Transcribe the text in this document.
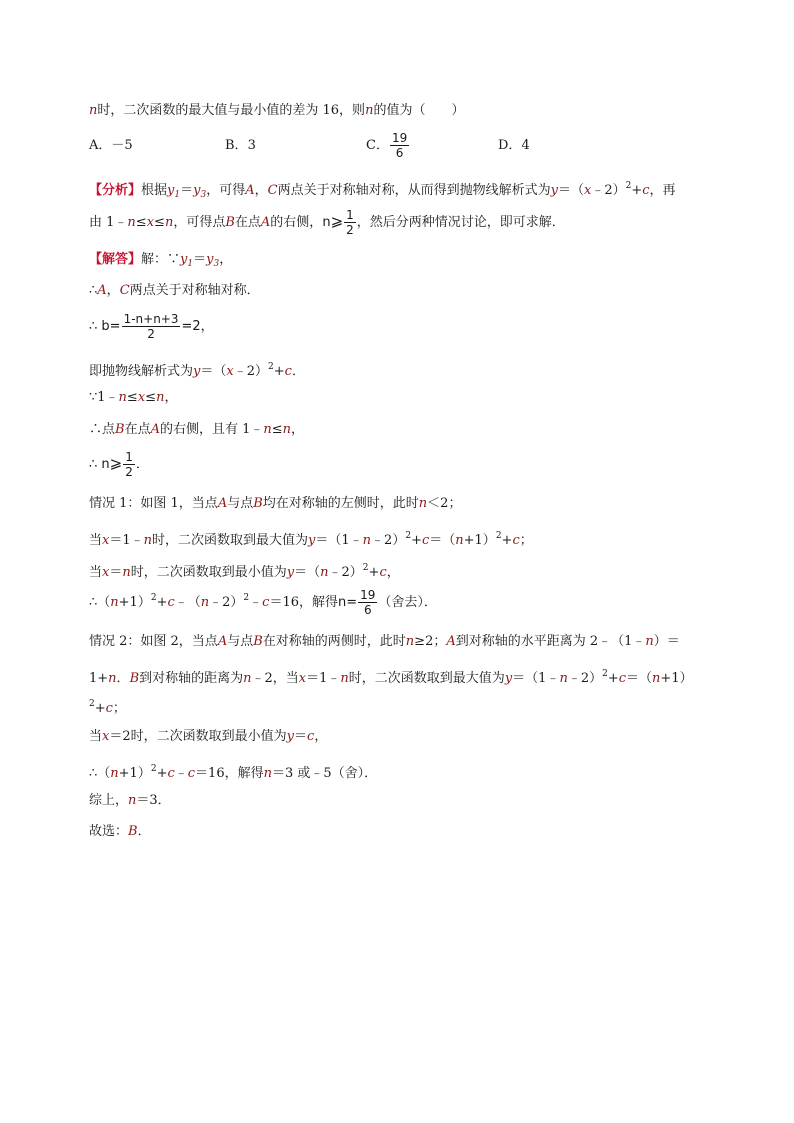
n时，二次函数的最大值与最小值的差为 16，则n的值为（　　）
A．－5	B．3	C． $\frac{19}{6}$	D．4
【分析】根据$y_1=y_3$，可得A，C两点关于对称轴对称，从而得到抛物线解析式为y＝（x﹣2）$^2$+c，再
由 1﹣n≤x≤n，可得点B在点A的右侧，n⩾ $\frac{1}{2}$ ，然后分两种情况讨论，即可求解．
【解答】解：$\because y_1=y_3$，
∴A，C两点关于对称轴对称．
∴ $b= \frac{1-n+n+3}{2} =2$，
即抛物线解析式为y＝（x﹣2）$^2$+c．
∵1﹣n≤x≤n，
∴点B在点A的右侧，且有 1﹣n≤n，
∴ n⩾ $\frac{1}{2}$ ．
情况 1：如图 1，当点A与点B均在对称轴的左侧时，此时n＜2；
当x＝1﹣n时，二次函数取到最大值为$y=(1﹣n﹣2)^2+c=(n+1)^2+c$；
当x＝n时，二次函数取到最小值为y＝（n﹣2）$^2$+c，
$\therefore(n+1)^2+c﹣(n﹣2)^2﹣c=16$，解得$n= \frac{19}{6}$ （舍去）．
情况 2：如图 2，当点A与点B在对称轴的两侧时，此时n≥2；A到对称轴的水平距离为 2﹣（1﹣n）＝
1+n．B到对称轴的距离为n﹣2，当x＝1﹣n时，二次函数取到最大值为y＝（1﹣n﹣2）$^2$+c＝（n+1）
$^2$+c；
当x＝2时，二次函数取到最小值为y＝c，
$\therefore(n+1)^2+c﹣c=16$，解得n＝3 或﹣5（舍）．
综上，n＝3．
故选：B．
